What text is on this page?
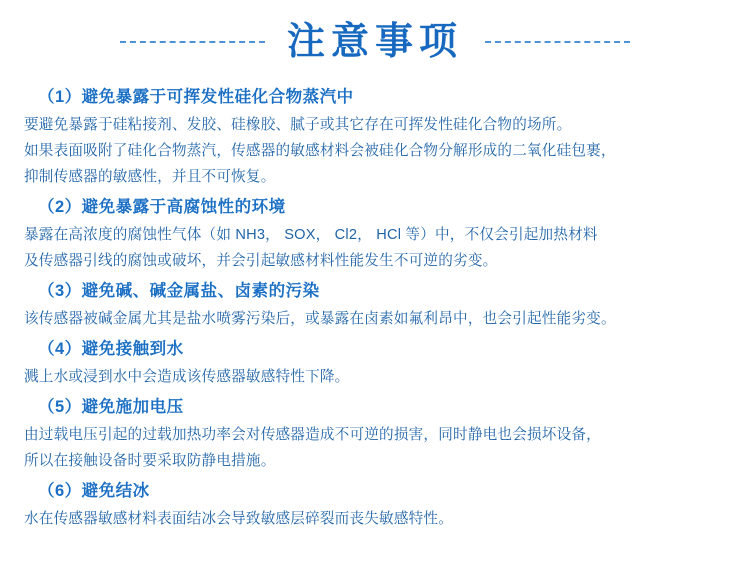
注意事项
（1）避免暴露于可挥发性硅化合物蒸汽中

要避免暴露于硅粘接剂、发胶、硅橡胶、腻子或其它存在可挥发性硅化合物的场所。

如果表面吸附了硅化合物蒸汽，传感器的敏感材料会被硅化合物分解形成的二氧化硅包裹，

抑制传感器的敏感性，并且不可恢复。

（2）避免暴露于高腐蚀性的环境

暴露在高浓度的腐蚀性气体（如 NH3， SOX， Cl2， HCl 等）中，不仅会引起加热材料

及传感器引线的腐蚀或破坏，并会引起敏感材料性能发生不可逆的劣变。

（3）避免碱、碱金属盐、卤素的污染

该传感器被碱金属尤其是盐水喷雾污染后，或暴露在卤素如氟利昂中，也会引起性能劣变。

（4）避免接触到水

溅上水或浸到水中会造成该传感器敏感特性下降。

（5）避免施加电压

由过载电压引起的过载加热功率会对传感器造成不可逆的损害，同时静电也会损坏设备，

所以在接触设备时要采取防静电措施。

（6）避免结冰

水在传感器敏感材料表面结冰会导致敏感层碎裂而丧失敏感特性。
